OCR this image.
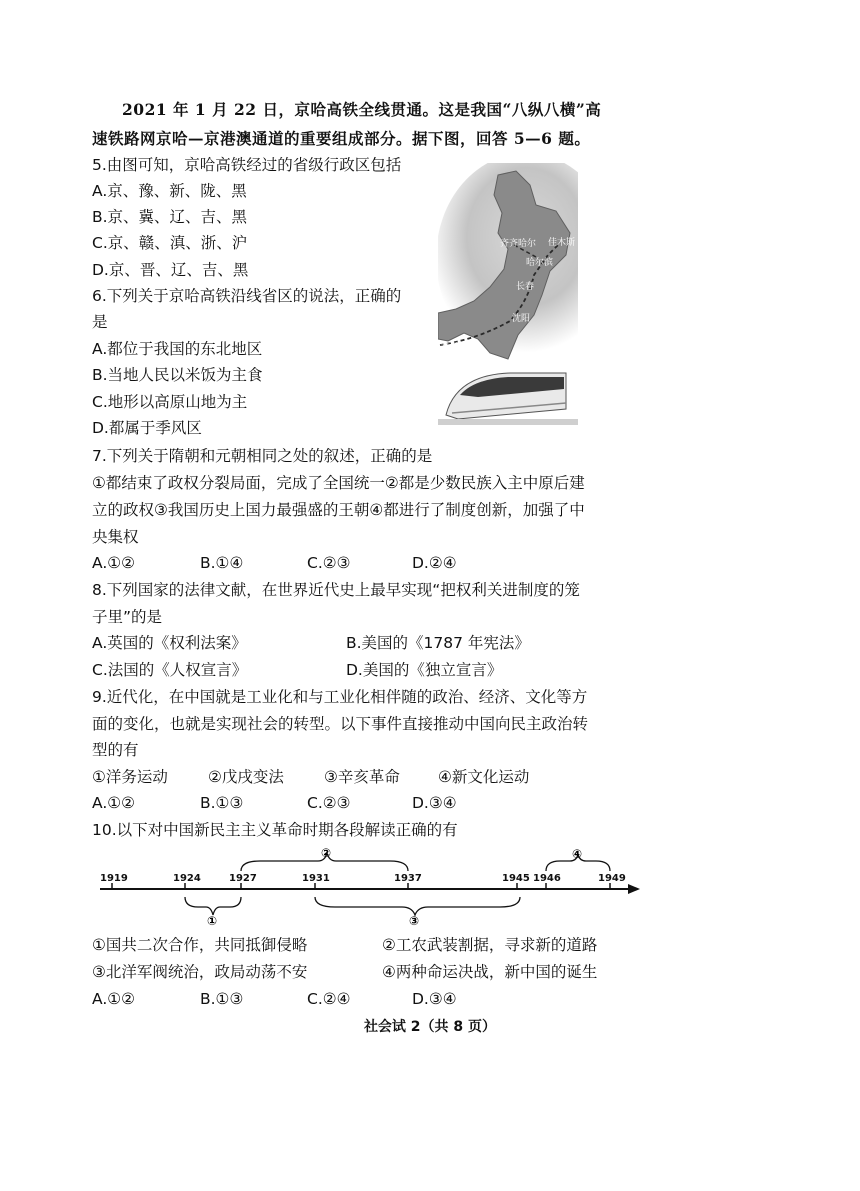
2021 年 1 月 22 日，京哈高铁全线贯通。这是我国“八纵八横”高
速铁路网京哈—京港澳通道的重要组成部分。据下图，回答 5—6 题。
5.由图可知，京哈高铁经过的省级行政区包括
A.京、豫、新、陇、黑
B.京、冀、辽、吉、黑
C.京、赣、滇、浙、沪
D.京、晋、辽、吉、黑
齐齐哈尔 佳木斯
哈尔滨
长春
沈阳
北京
6.下列关于京哈高铁沿线省区的说法，正确的
是
A.都位于我国的东北地区
B.当地人民以米饭为主食
C.地形以高原山地为主
D.都属于季风区
7.下列关于隋朝和元朝相同之处的叙述，正确的是
①都结束了政权分裂局面，完成了全国统一②都是少数民族入主中原后建
立的政权③我国历史上国力最强盛的王朝④都进行了制度创新，加强了中
央集权
A.①②	B.①④	C.②③	D.②④
8.下列国家的法律文献，在世界近代史上最早实现“把权利关进制度的笼
子里”的是
A.英国的《权利法案》	B.美国的《1787 年宪法》
C.法国的《人权宣言》	D.美国的《独立宣言》
9.近代化，在中国就是工业化和与工业化相伴随的政治、经济、文化等方
面的变化，也就是实现社会的转型。以下事件直接推动中国向民主政治转
型的有
①洋务运动	②戊戌变法	③辛亥革命 ④新文化运动
A.①②	B.①③	C.②③	D.③④
10.以下对中国新民主主义革命时期各段解读正确的有
1919	1924	1927	1931	1937	1945 1946	1949
②	④
①	③
①国共二次合作，共同抵御侵略	②工农武装割据，寻求新的道路
③北洋军阀统治，政局动荡不安	④两种命运决战，新中国的诞生
A.①②	B.①③	C.②④	D.③④
社会试 2（共 8 页）
